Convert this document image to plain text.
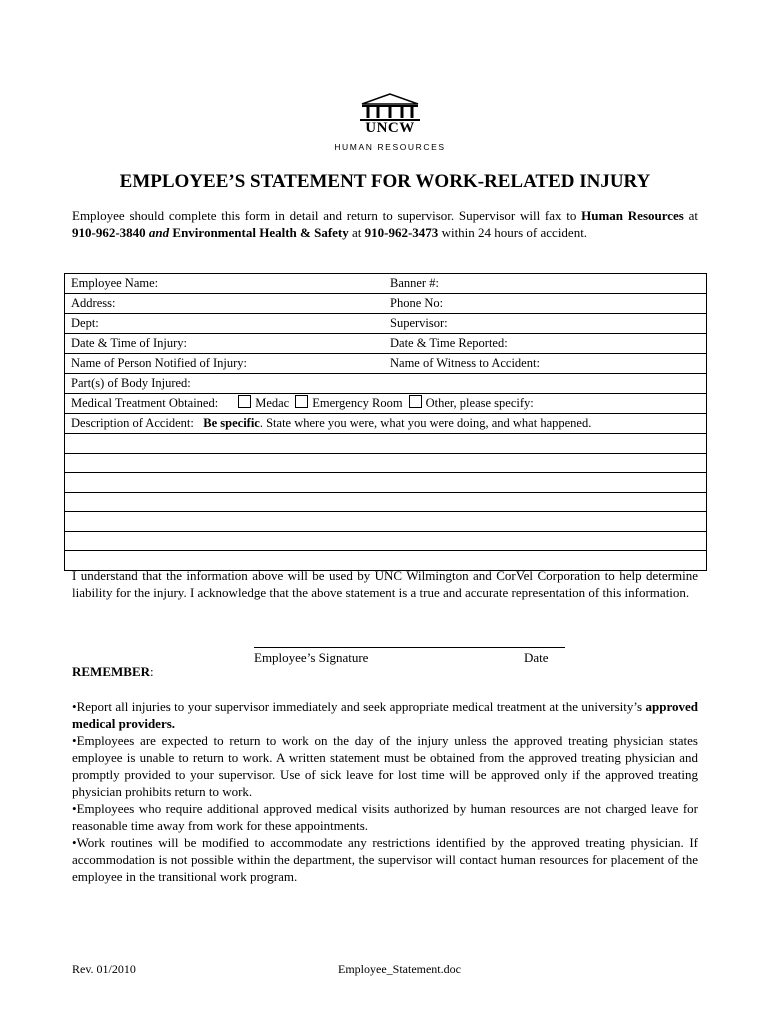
UNCW
HUMAN RESOURCES
EMPLOYEE’S STATEMENT FOR WORK-RELATED INJURY
Employee should complete this form in detail and return to supervisor. Supervisor will fax to Human Resources at 910-962-3840 and Environmental Health & Safety at 910-962-3473 within 24 hours of accident.
Employee Name:	Banner #:
Address:	Phone No:
Dept:	Supervisor:
Date & Time of Injury:	Date & Time Reported:
Name of Person Notified of Injury:	Name of Witness to Accident:
Part(s) of Body Injured:
Medical Treatment Obtained:	Medac Emergency Room Other, please specify:
Description of Accident: Be specific. State where you were, what you were doing, and what happened.
I understand that the information above will be used by UNC Wilmington and CorVel Corporation to help determine liability for the injury. I acknowledge that the above statement is a true and accurate representation of this information.
Employee’s Signature	Date
REMEMBER:

•Report all injuries to your supervisor immediately and seek appropriate medical treatment at the university’s approved medical providers.

•Employees are expected to return to work on the day of the injury unless the approved treating physician states employee is unable to return to work. A written statement must be obtained from the approved treating physician and promptly provided to your supervisor. Use of sick leave for lost time will be approved only if the approved treating physician prohibits return to work.

•Employees who require additional approved medical visits authorized by human resources are not charged leave for reasonable time away from work for these appointments.

•Work routines will be modified to accommodate any restrictions identified by the approved treating physician. If accommodation is not possible within the department, the supervisor will contact human resources for placement of the employee in the transitional work program.

Rev. 01/2010	Employee_Statement.doc
